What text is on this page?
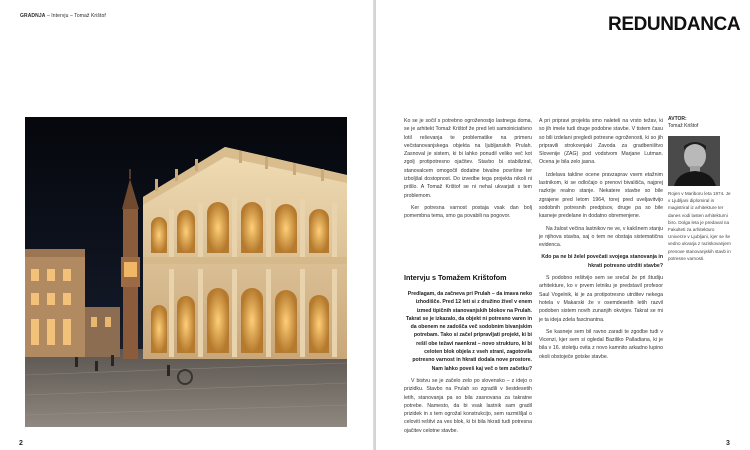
GRADNJA – Intervju – Tomaž Krištof
2
REDUNDANCA

Ko se je sočil s potrebno ogroženostjo lastnega doma, se je arhitekt Tomaž Krištof že pred leti samoiniciativno lotil reševanja te problematike na primeru večstanovanjskega objekta na ljubljanskih Prulah. Zasnoval je sistem, ki bi lahko ponudil veliko več kot zgolj protipotresno ojačitev. Stavbo bi stabiliziral, stanovalcem omogočil dodatne bivalne površine ter izboljšal dostopnost. Do izvedbe tega projekta nikoli ni prišlo. A Tomaž Krištof se ni nehal ukvarjati s tem problemom.

Ker potresna varnost postaja vsak dan bolj pomembna tema, smo ga povabili na pogovor.

Intervju s Tomažem Krištofom

Predlagam, da začneva pri Prulah – da imava neko izhodišče. Pred 12 leti si z družino živel v enem izmed tipičnih stanovanjskih blokov na Prulah. Takrat se je izkazalo, da objekt ni potresno varen in da obenem ne zadošča več sodobnim bivanjskim potrebam. Tako si začel pripravljati projekt, ki bi rešil obe težavi naenkrat – novo strukturo, ki bi celoten blok objela z vseh strani, zagotovila potresno varnost in hkrati dodala nove prostore. Nam lahko poveš kaj več o tem začetku?

V bistvu se je začelo zelo po slovensko – z idejo o prizidku. Stavbo na Prulah so zgradili v šestdesetih letih, stanovanja pa so bila zasnovana za takratne potrebe. Namesto, da bi vsak lastnik sam gradil prizidek in s tem ogrožal konstrukcijo, sem razmišljal o celoviti rešitvi za ves blok, ki bi bila hkrati tudi potresna ojačitev celotne stavbe.

A pri pripravi projekta smo naleteli na vrsto težav, ki so jih imele tudi druge podobne stavbe. V tistem času so bili izdelani pregledi potresne ogroženosti, ki so jih pripravili strokovnjaki Zavoda za gradbeništvo Slovenije (ZAG) pod vodstvom Marjane Lutman. Ocena je bila zelo jasna.

Izdelava takšne ocene pravzaprav vsem etažnim lastnikom, ki se odločajo o prenovi bivališča, najprej razkrije realno stanje. Nekatere stavbe so bile zgrajene pred letom 1964, torej pred uveljavitvijo sodobnih potresnih predpisov, druge pa so bile kasneje predelane in dodatno obremenjene.

Na žalost večina lastnikov ne ve, v kakšnem stanju je njihova stavba, saj o tem ne obstaja sistematična evidenca.

Kdo pa ne bi želel povečati svojega stanovanja in hkrati potresno utrditi stavbe?

S podobno rešitvijo sem se srečal že pri študiju arhitekture, ko v prvem letniku je predstavil profesor Saul Vogelnik, ki je za protipotresno utrditev nekega hotela v Makarski že v osemdesetih letih razvil podoben sistem novih zunanjih okvirjev. Takrat se mi je ta ideja zdela fascinantna.

Se kasneje sem bil ravno zaradi te zgodbe tudi v Vicenzi, kjer sem si ogledal Baziliko Palladiana, ki je bila v 16. stoletju ovita z novo kamnito arkadno lupino okoli obstoječe gotske stavbe.

AVTOR:
Tomaž Krištof
Rojen v Mariboru leta 1974. Je v Ljubljani diplomiral in magistriral iz arhitekture ter danes vodi lasten arhitekturni biro. Dolga leta je predaval na Fakulteti za arhitekturo Univerze v Ljubljani, kjer se še vedno ukvarja z raziskovanjem prenove stanovanjskih stavb in potresne varnosti.
3
